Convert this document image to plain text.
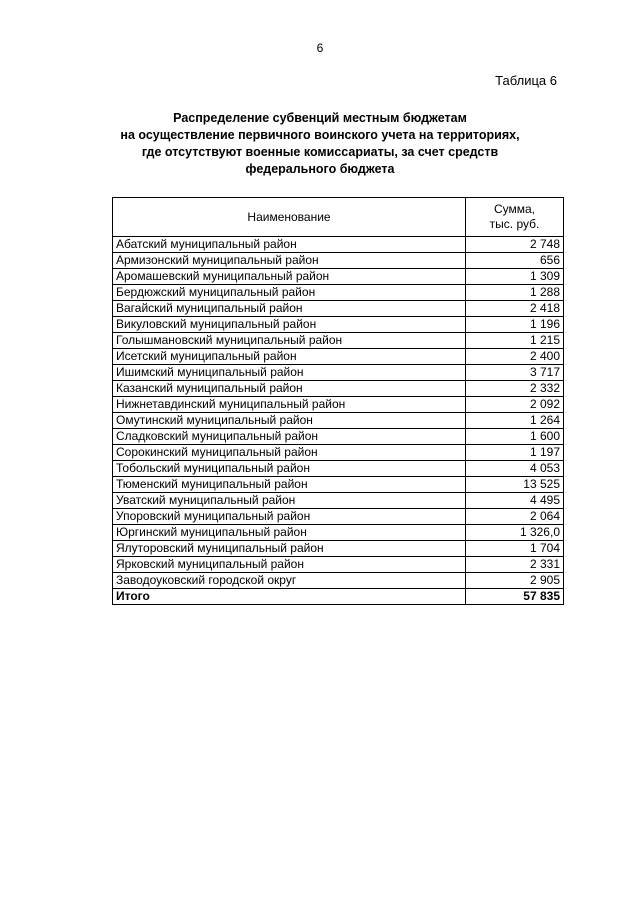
6
Таблица 6
Распределение субвенций местным бюджетам
на осуществление первичного воинского учета на территориях,
где отсутствуют военные комиссариаты, за счет средств
федерального бюджета
Наименование	Сумма,
тыс. руб.
Абатский муниципальный район	2 748
Армизонский муниципальный район	656
Аромашевский муниципальный район	1 309
Бердюжский муниципальный район	1 288
Вагайский муниципальный район	2 418
Викуловский муниципальный район	1 196
Голышмановский муниципальный район	1 215
Исетский муниципальный район	2 400
Ишимский муниципальный район	3 717
Казанский муниципальный район	2 332
Нижнетавдинский муниципальный район	2 092
Омутинский муниципальный район	1 264
Сладковский муниципальный район	1 600
Сорокинский муниципальный район	1 197
Тобольский муниципальный район	4 053
Тюменский муниципальный район	13 525
Уватский муниципальный район	4 495
Упоровский муниципальный район	2 064
Юргинский муниципальный район	1 326,0
Ялуторовский муниципальный район	1 704
Ярковский муниципальный район	2 331
Заводоуковский городской округ	2 905
Итого	57 835
